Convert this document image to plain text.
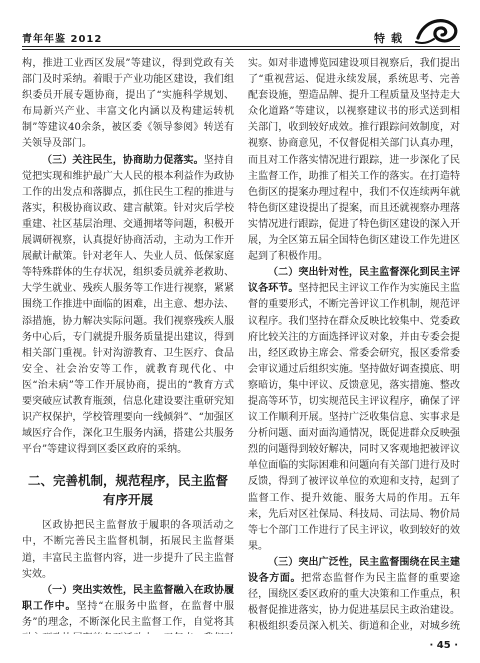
青年年鉴 2012	特载

构，推进工业西区发展”等建议，得到党政有关部门及时采纳。着眼于产业功能区建设，我们组织委员开展专题协商，提出了“实施科学规划、布局新兴产业、丰富文化内涵以及构建运转机制”等建议40余条，被区委《领导参阅》转送有关领导及部门。

（三）关注民生，协商助力促落实。坚持自觉把实现和维护最广大人民的根本利益作为政协工作的出发点和落脚点，抓住民生工程的推进与落实，积极协商议政、建言献策。针对灾后学校重建、社区基层治理、交通拥堵等问题，积极开展调研视察，认真提好协商活动，主动为工作开展献计献策。针对老年人、失业人员、低保家庭等特殊群体的生存状况，组织委员就养老救助、大学生就业、残疾人服务等工作进行视察，紧紧围绕工作推进中面临的困难，出主意、想办法、添措施，协力解决实际问题。我们视察残疾人服务中心后，专门就提升服务质量提出建议，得到相关部门重视。针对沟游教育、卫生医疗、食品安全、社会治安等工作，就教育现代化、中医“治未病”等工作开展协商，提出的“教育方式要突破应试教育瓶颈，信息化建设要注重研究知识产权保护，学校管理要向一线倾斜”、“加强区域医疗合作，深化卫生服务内涵，搭建公共服务平台”等建议得到区委区政府的采纳。

二、完善机制，规范程序，民主监督
有序开展

区政协把民主监督放于履职的各项活动之中，不断完善民主监督机制，拓展民主监督渠道，丰富民主监督内容，进一步提升了民主监督实效。

（一）突出实效性，民主监督融入在政协履职工作中。坚持“在服务中监督，在监督中服务”的理念，不断深化民主监督工作，自觉将其

实。如对非遗博览园建设项目视察后，我们提出了“重视营运、促进永续发展，系统思考、完善配套设施，塑造品牌、提升工程质量及坚持走大众化道路”等建议，以视察建议书的形式送到相关部门，收到较好成效。推行跟踪问效制度，对视察、协商意见，不仅督促相关部门认真办理，而且对工作落实情况进行跟踪，进一步深化了民主监督工作，助推了相关工作的落实。在打造特色街区的提案办理过程中，我们不仅连续两年就特色街区建设提出了提案，而且还就视察办理落实情况进行跟踪，促进了特色街区建设的深入开展，为全区第五届全国特色街区建设工作先进区起到了积极作用。

（二）突出针对性，民主监督深化到民主评议各环节。坚持把民主评议工作作为实施民主监督的重要形式，不断完善评议工作机制，规范评议程序。我们坚持在群众反映比较集中、党委政府比较关注的方面选择评议对象，并由专委会提出，经区政协主席会、常委会研究，报区委常委会审议通过后组织实施。坚持做好调查摸底、明察暗访，集中评议、反馈意见，落实措施、整改提高等环节，切实规范民主评议程序，确保了评议工作顺利开展。坚持广泛收集信息、实事求是分析问题、面对面沟通情况，既促进群众反映强烈的问题得到较好解决，同时又客观地把被评议单位面临的实际困难和问题向有关部门进行及时反馈，得到了被评议单位的欢迎和支持，起到了监督工作、提升效能、服务大局的作用。五年来，先后对区社保局、科技局、司法局、物价局等七个部门工作进行了民主评议，收到较好的效果。

（三）突出广泛性，民主监督围绕在民主建设各方面。把常态监督作为民主监督的重要途径，围绕区委区政府的重大决策和工作重点，积极督促推进落实，协力促进基层民主政治建设。积极组织委员深入机关、街道和企业，对城乡统

· 45 ·
